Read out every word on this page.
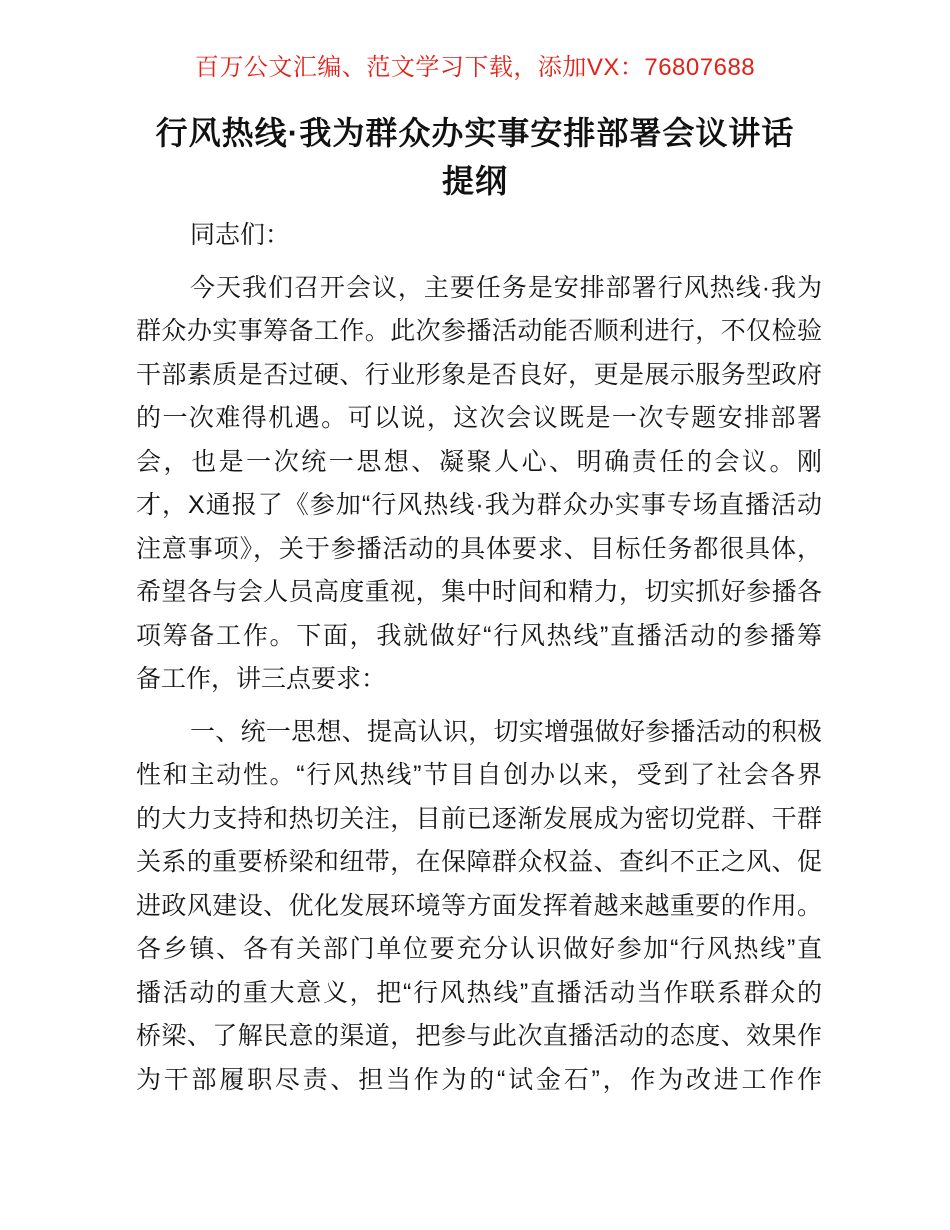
百万公文汇编、范文学习下载，添加VX：76807688
行风热线·我为群众办实事安排部署会议讲话
提纲
同志们：
今天我们召开会议，主要任务是安排部署行风热线·我为
群众办实事筹备工作。此次参播活动能否顺利进行，不仅检验
干部素质是否过硬、行业形象是否良好，更是展示服务型政府
的一次难得机遇。可以说，这次会议既是一次专题安排部署
会，也是一次统一思想、凝聚人心、明确责任的会议。刚
才，X通报了《参加“行风热线·我为群众办实事专场直播活动
注意事项》，关于参播活动的具体要求、目标任务都很具体，
希望各与会人员高度重视，集中时间和精力，切实抓好参播各
项筹备工作。下面，我就做好“行风热线”直播活动的参播筹
备工作，讲三点要求：
一、统一思想、提高认识，切实增强做好参播活动的积极
性和主动性。“行风热线”节目自创办以来，受到了社会各界
的大力支持和热切关注，目前已逐渐发展成为密切党群、干群
关系的重要桥梁和纽带，在保障群众权益、查纠不正之风、促
进政风建设、优化发展环境等方面发挥着越来越重要的作用。
各乡镇、各有关部门单位要充分认识做好参加“行风热线”直
播活动的重大意义，把“行风热线”直播活动当作联系群众的
桥梁、了解民意的渠道，把参与此次直播活动的态度、效果作
为干部履职尽责、担当作为的“试金石”，作为改进工作作
